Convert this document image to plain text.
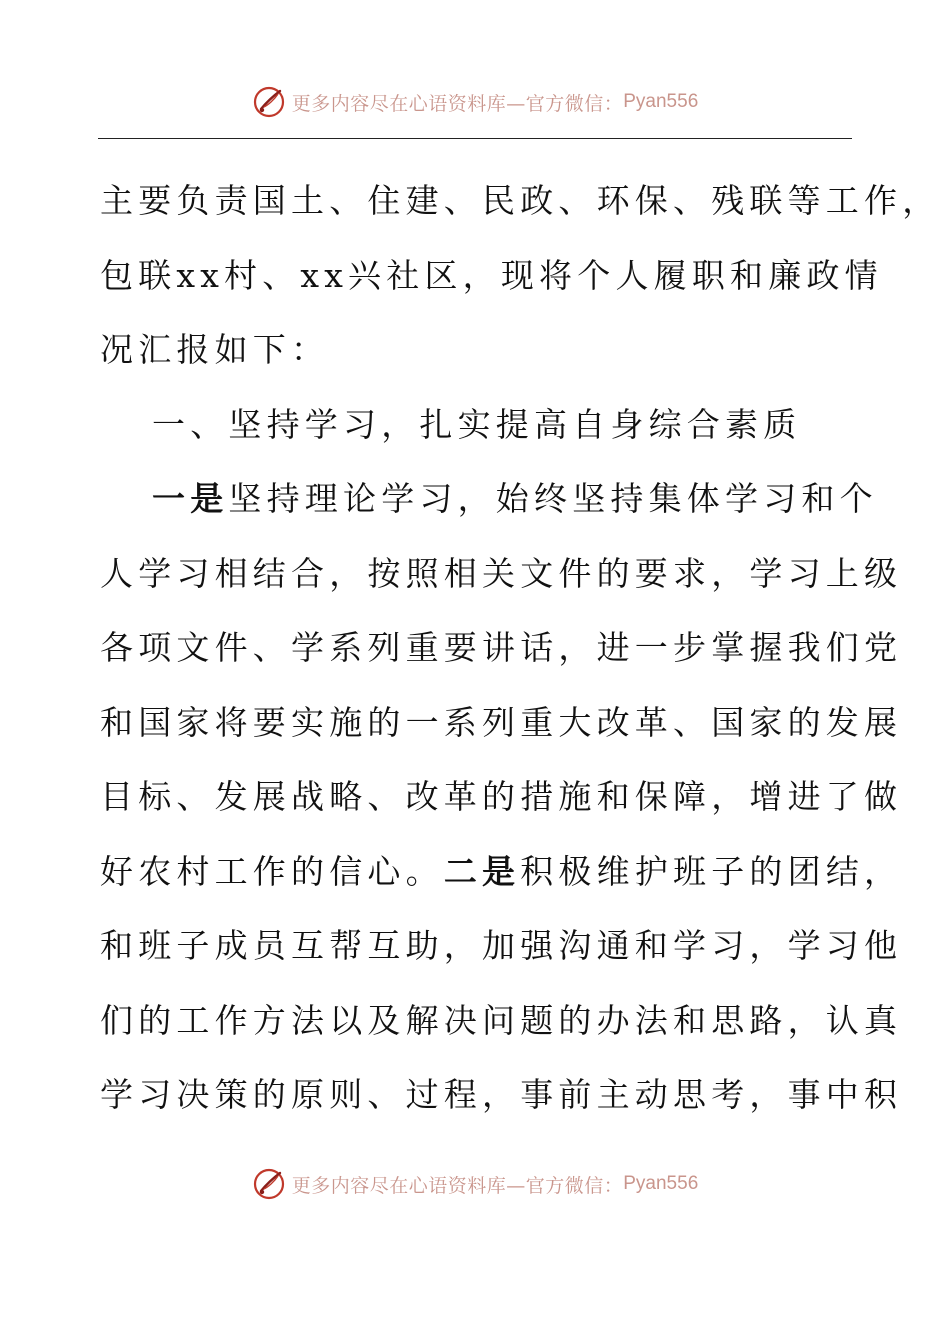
更多内容尽在心语资料库— 官方微信： Pyan556
主要负责国土、住建、民政、环保、残联等工作，
包联xx村、xx兴社区，现将个人履职和廉政情
况汇报如下：
一、坚持学习，扎实提高自身综合素质
一是坚持理论学习，始终坚持集体学习和个
人学习相结合，按照相关文件的要求，学习上级
各项文件、学系列重要讲话，进一步掌握我们党
和国家将要实施的一系列重大改革、国家的发展
目标、发展战略、改革的措施和保障，增进了做
好农村工作的信心。二是积极维护班子的团结，
和班子成员互帮互助，加强沟通和学习，学习他
们的工作方法以及解决问题的办法和思路，认真
学习决策的原则、过程，事前主动思考，事中积
更多内容尽在心语资料库— 官方微信： Pyan556
